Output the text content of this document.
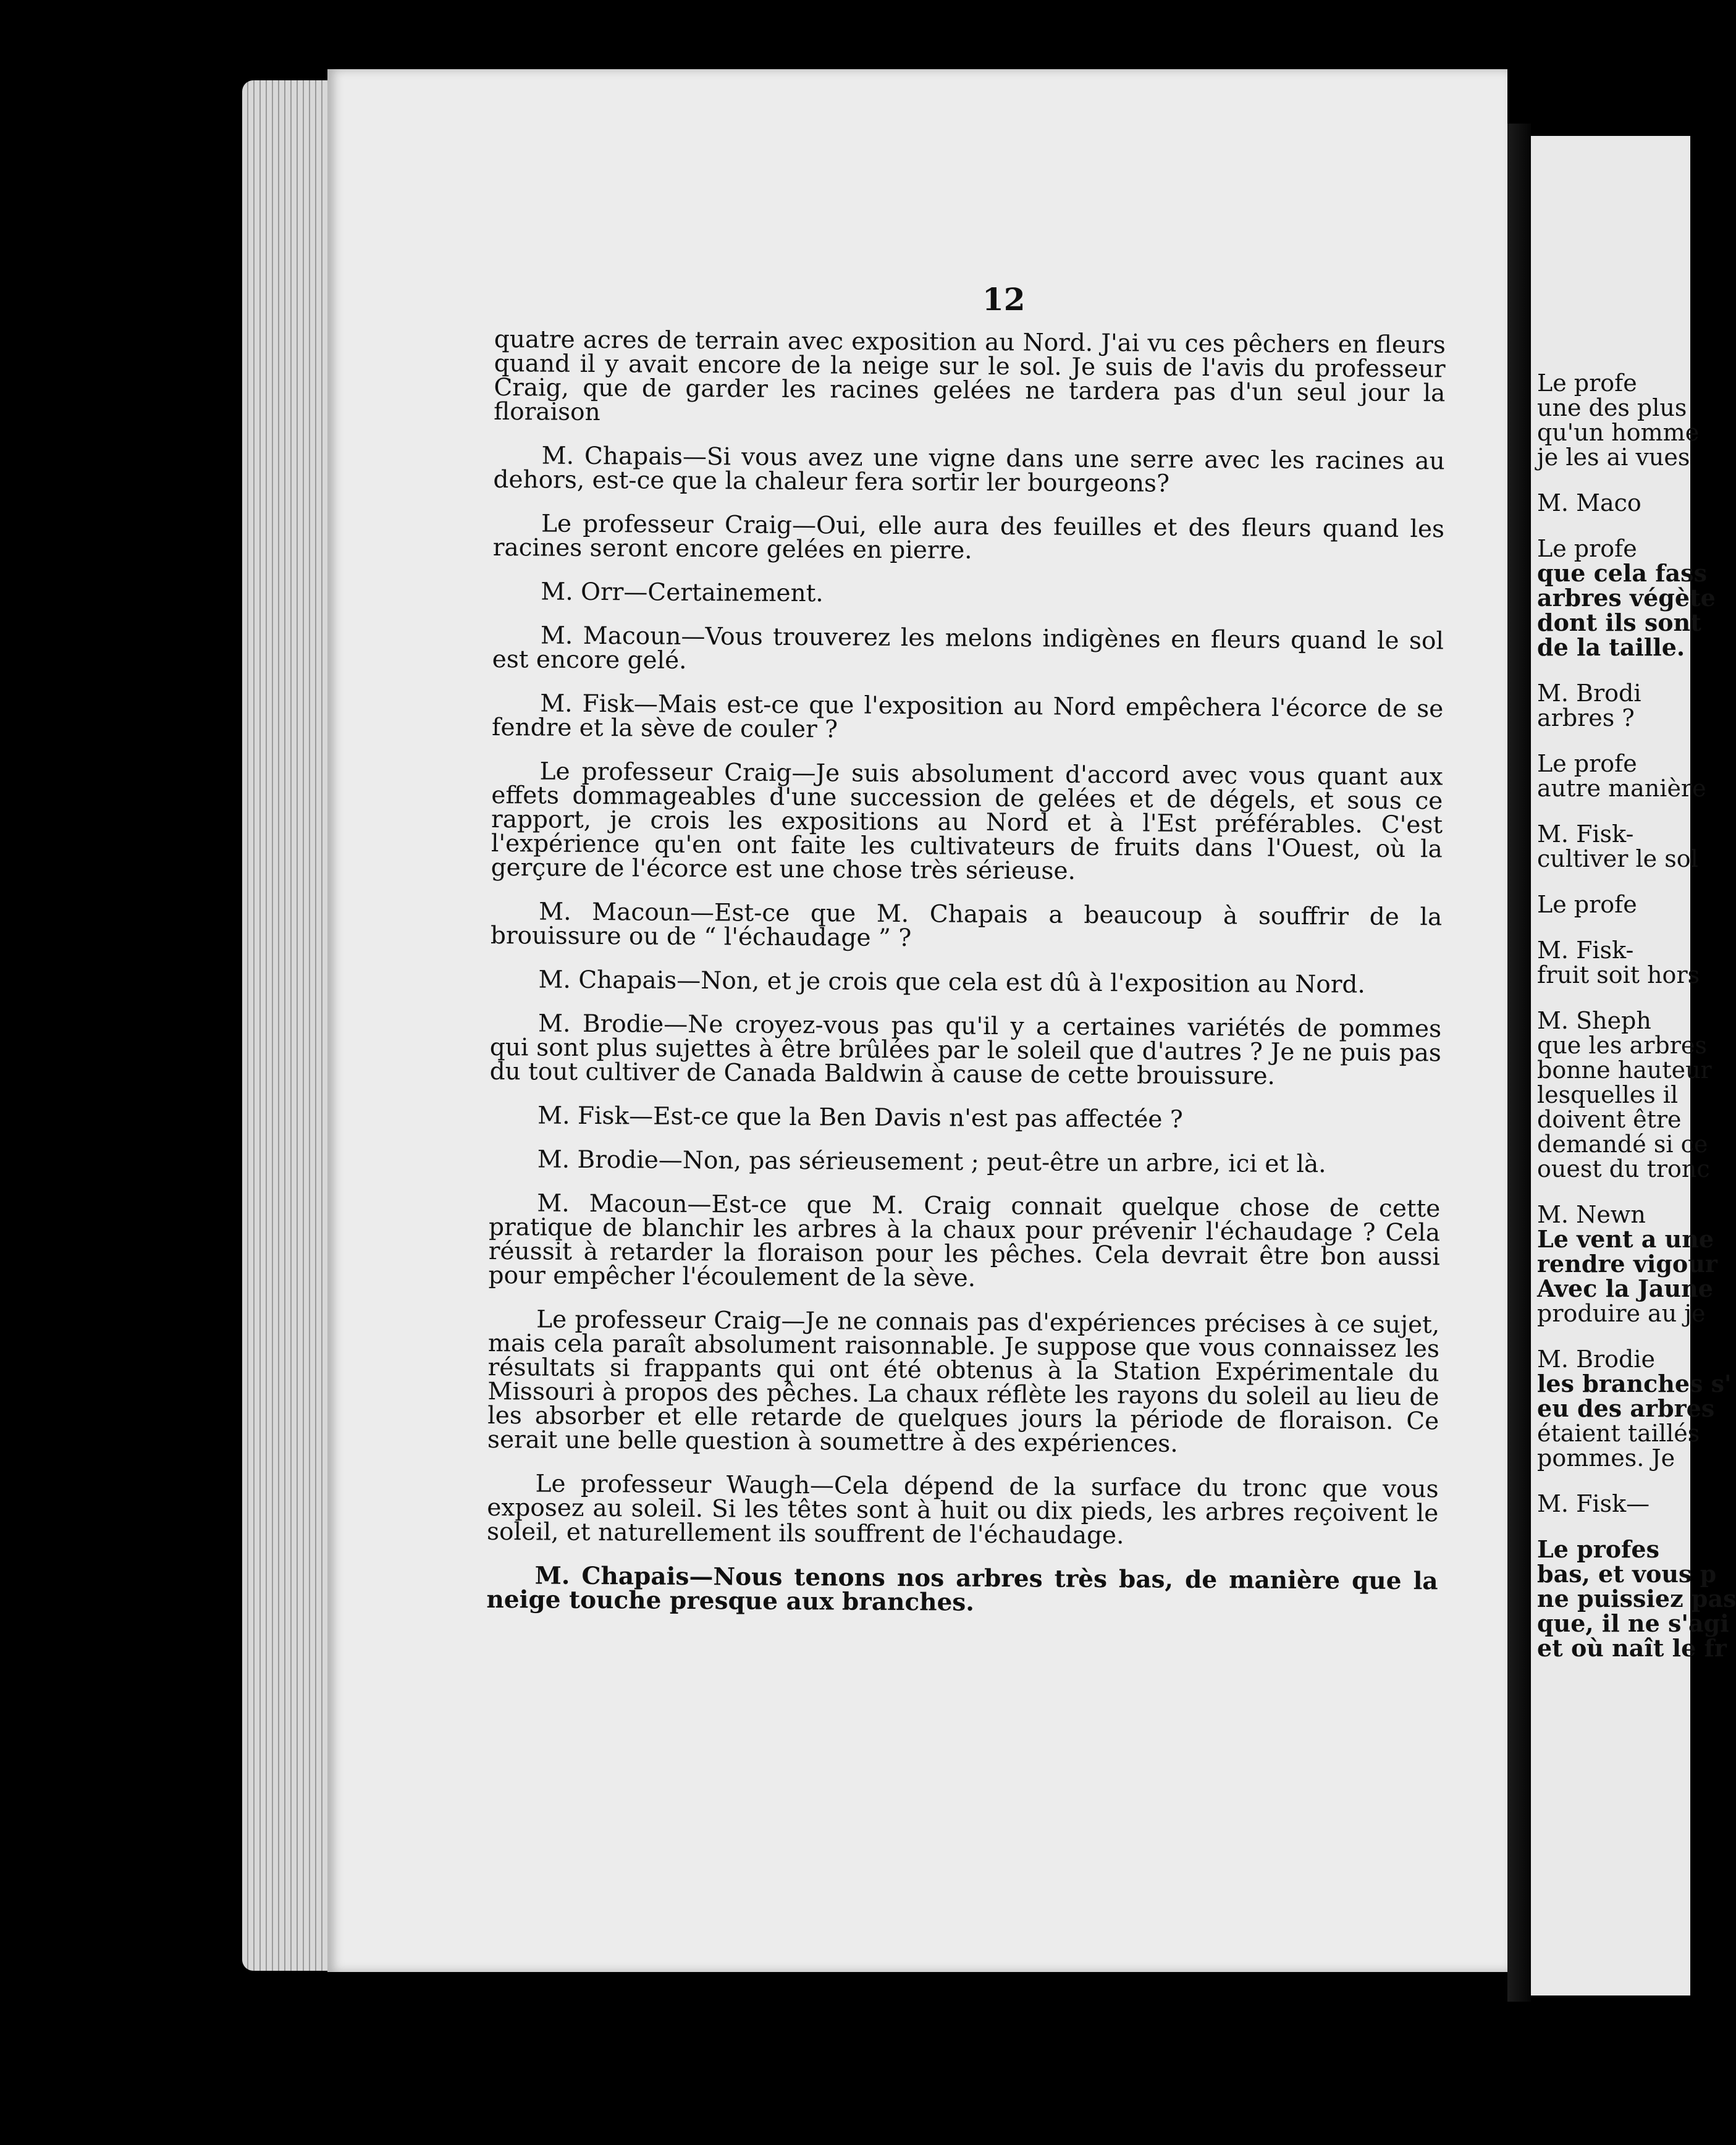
12

quatre acres de terrain avec exposition au Nord. J'ai vu ces pêchers en fleurs quand il y avait encore de la neige sur le sol. Je suis de l'avis du professeur Craig, que de garder les racines gelées ne tardera pas d'un seul jour la floraison

M. Chapais—Si vous avez une vigne dans une serre avec les racines au dehors, est-ce que la chaleur fera sortir ler bourgeons?

Le professeur Craig—Oui, elle aura des feuilles et des fleurs quand les racines seront encore gelées en pierre.

M. Orr—Certainement.

M. Macoun—Vous trouverez les melons indigènes en fleurs quand le sol est encore gelé.

M. Fisk—Mais est-ce que l'exposition au Nord empêchera l'écorce de se fendre et la sève de couler ?

Le professeur Craig—Je suis absolument d'accord avec vous quant aux effets dommageables d'une succession de gelées et de dégels, et sous ce rapport, je crois les expositions au Nord et à l'Est préférables. C'est l'expérience qu'en ont faite les cultivateurs de fruits dans l'Ouest, où la gerçure de l'écorce est une chose très sérieuse.

M. Macoun—Est-ce que M. Chapais a beaucoup à souffrir de la brouissure ou de “ l'échaudage ” ?

M. Chapais—Non, et je crois que cela est dû à l'exposition au Nord.

M. Brodie—Ne croyez-vous pas qu'il y a certaines variétés de pommes qui sont plus sujettes à être brûlées par le soleil que d'autres ? Je ne puis pas du tout cultiver de Canada Baldwin à cause de cette brouissure.

M. Fisk—Est-ce que la Ben Davis n'est pas affectée ?

M. Brodie—Non, pas sérieusement ; peut-être un arbre, ici et là.

M. Macoun—Est-ce que M. Craig connait quelque chose de cette pratique de blanchir les arbres à la chaux pour prévenir l'échaudage ? Cela réussit à retarder la floraison pour les pêches. Cela devrait être bon aussi pour empêcher l'écoulement de la sève.

Le professeur Craig—Je ne connais pas d'expériences précises à ce sujet, mais cela paraît absolument raisonnable. Je suppose que vous connaissez les résultats si frappants qui ont été obtenus à la Station Expérimentale du Missouri à propos des pêches. La chaux réflète les rayons du soleil au lieu de les absorber et elle retarde de quelques jours la période de floraison. Ce serait une belle question à soumettre à des expériences.

Le professeur Waugh—Cela dépend de la surface du tronc que vous exposez au soleil. Si les têtes sont à huit ou dix pieds, les arbres reçoivent le soleil, et naturellement ils souffrent de l'échaudage.

M. Chapais—Nous tenons nos arbres très bas, de manière que la neige touche presque aux branches.

Le profe
une des plus
qu'un homme
je les ai vues
M. Maco
Le profe
que cela fass
arbres végète
dont ils sont
de la taille.
M. Brodi
arbres ?
Le profe
autre manière
M. Fisk-
cultiver le sol
Le profe
M. Fisk-
fruit soit hors
M. Sheph
que les arbres
bonne hauteur
lesquelles il
doivent être
demandé si ce
ouest du tronc
M. Newn
Le vent a une
rendre vigour
Avec la Jaune
produire au je
M. Brodie
les branches s'
eu des arbres
étaient taillés
pommes. Je
M. Fisk—
Le profes
bas, et vous p
ne puissiez pas
que, il ne s'agi
et où naît le fr
